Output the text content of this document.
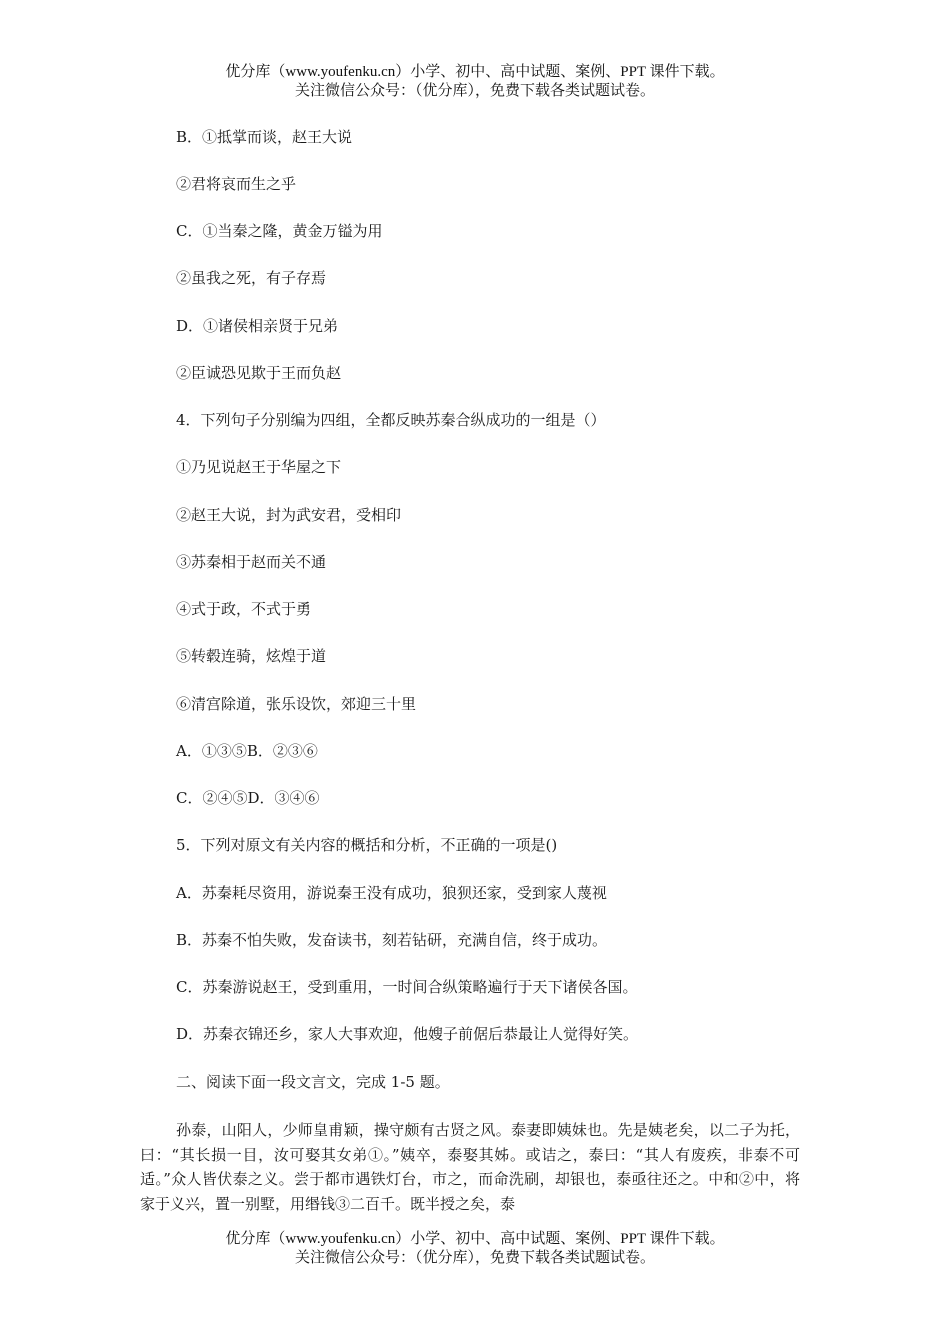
优分库（www.youfenku.cn）小学、初中、高中试题、案例、PPT 课件下载。
关注微信公众号：（优分库），免费下载各类试题试卷。
B．①抵掌而谈，赵王大说
②君将哀而生之乎
C．①当秦之隆，黄金万镒为用
②虽我之死，有子存焉
D．①诸侯相亲贤于兄弟
②臣诚恐见欺于王而负赵
4．下列句子分别编为四组，全都反映苏秦合纵成功的一组是（）
①乃见说赵王于华屋之下
②赵王大说，封为武安君，受相印
③苏秦相于赵而关不通
④式于政，不式于勇
⑤转毂连骑，炫煌于道
⑥清宫除道，张乐设饮，郊迎三十里
A．①③⑤B．②③⑥
C．②④⑤D．③④⑥
5．下列对原文有关内容的概括和分析，不正确的一项是()
A．苏秦耗尽资用，游说秦王没有成功，狼狈还家，受到家人蔑视
B．苏秦不怕失败，发奋读书，刻若钻研，充满自信，终于成功。
C．苏秦游说赵王，受到重用，一时间合纵策略遍行于天下诸侯各国。
D．苏秦衣锦还乡，家人大事欢迎，他嫂子前倨后恭最让人觉得好笑。
二、阅读下面一段文言文，完成 1-5 题。
孙泰，山阳人，少师皇甫颖，操守颇有古贤之风。泰妻即姨妹也。先是姨老矣，以二子为托，曰：“其长损一目，汝可娶其女弟①。”姨卒，泰娶其姊。或诘之，泰曰：“其人有废疾，非泰不可适。”众人皆伏泰之义。尝于都市遇铁灯台，市之，而命洗刷，却银也，泰亟往还之。中和②中，将家于义兴，置一别墅，用缗钱③二百千。既半授之矣，泰
优分库（www.youfenku.cn）小学、初中、高中试题、案例、PPT 课件下载。
关注微信公众号：（优分库），免费下载各类试题试卷。
